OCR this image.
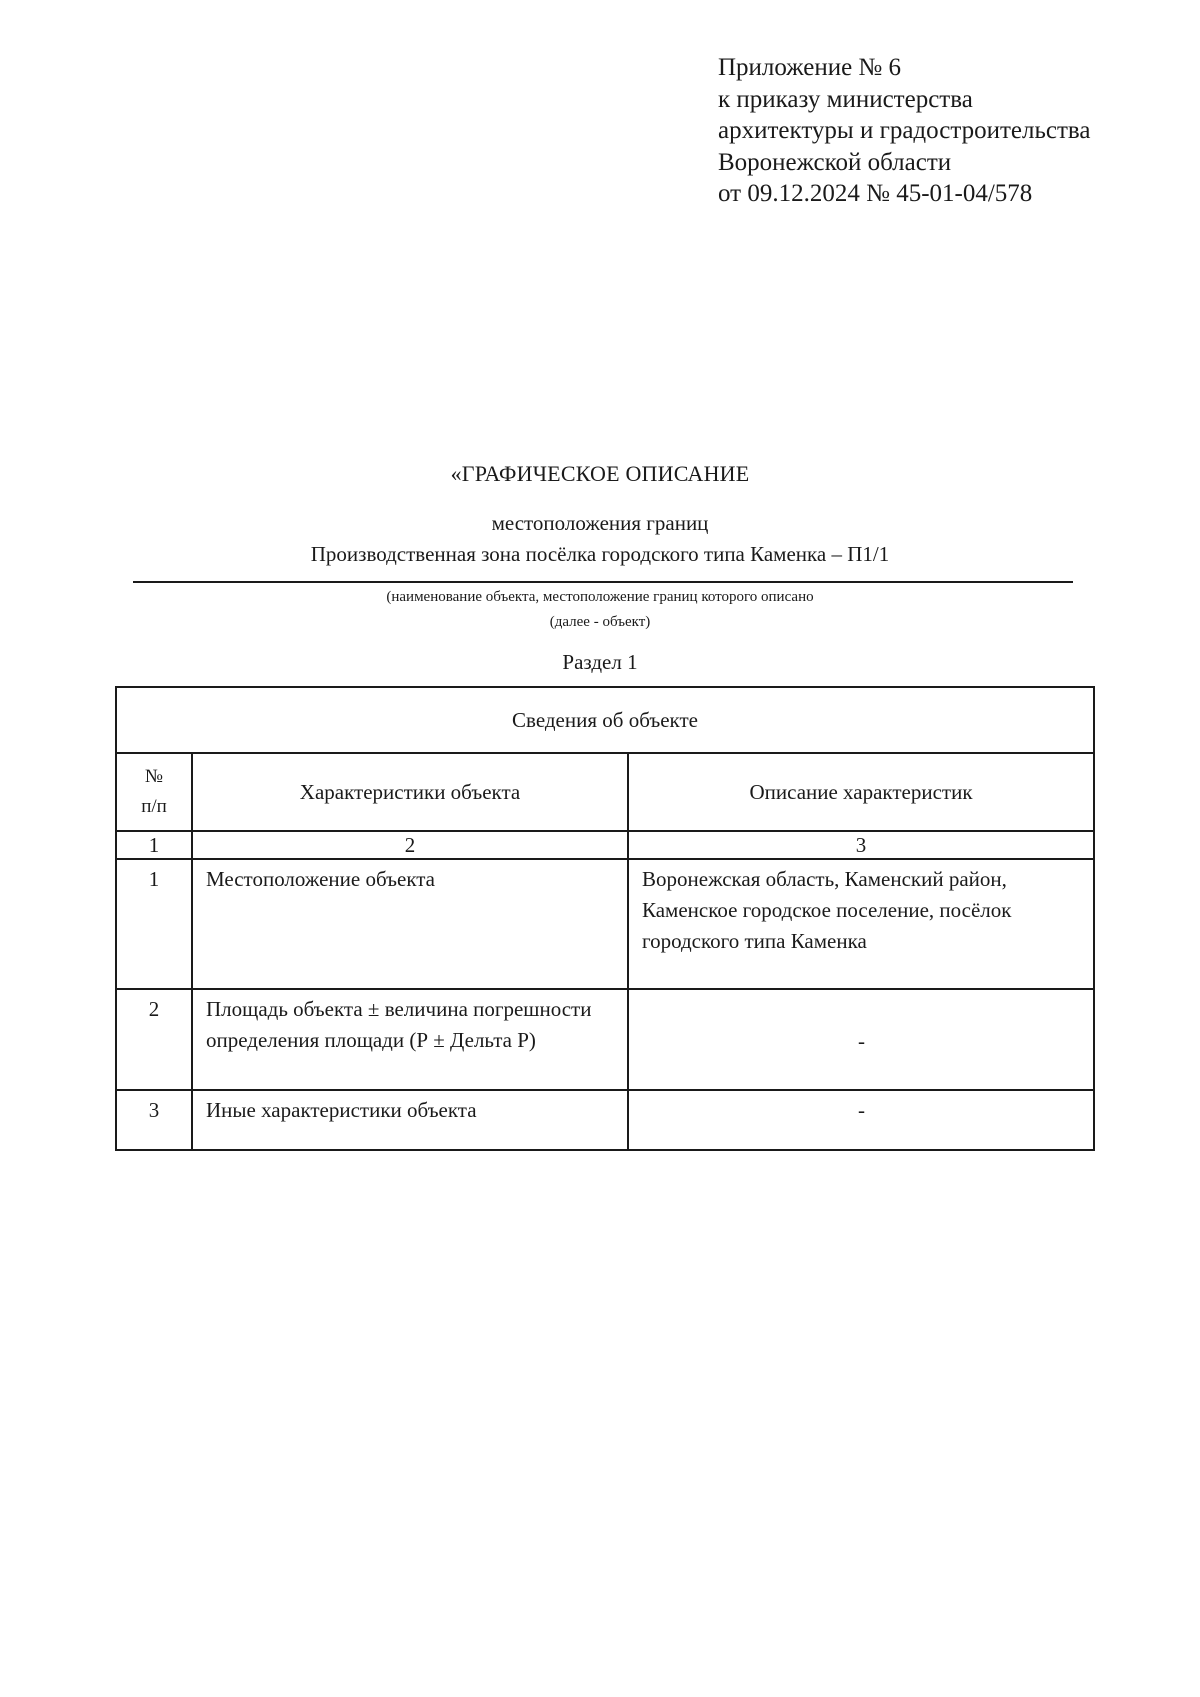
Приложение № 6
к приказу министерства
архитектуры и градостроительства
Воронежской области
от 09.12.2024 № 45-01-04/578
«ГРАФИЧЕСКОЕ ОПИСАНИЕ
местоположения границ
Производственная зона посёлка городского типа Каменка – П1/1
(наименование объекта, местоположение границ которого описано
(далее - объект)
Раздел 1
Сведения об объекте		

№
п/п	Характеристики объекта	Описание характеристик
1	2	3
1	Местоположение объекта	Воронежская область, Каменский район, Каменское городское поселение, посёлок городского типа Каменка
2	Площадь объекта ± величина погрешности определения площади (Р ± Дельта Р)	-
3	Иные характеристики объекта	-
